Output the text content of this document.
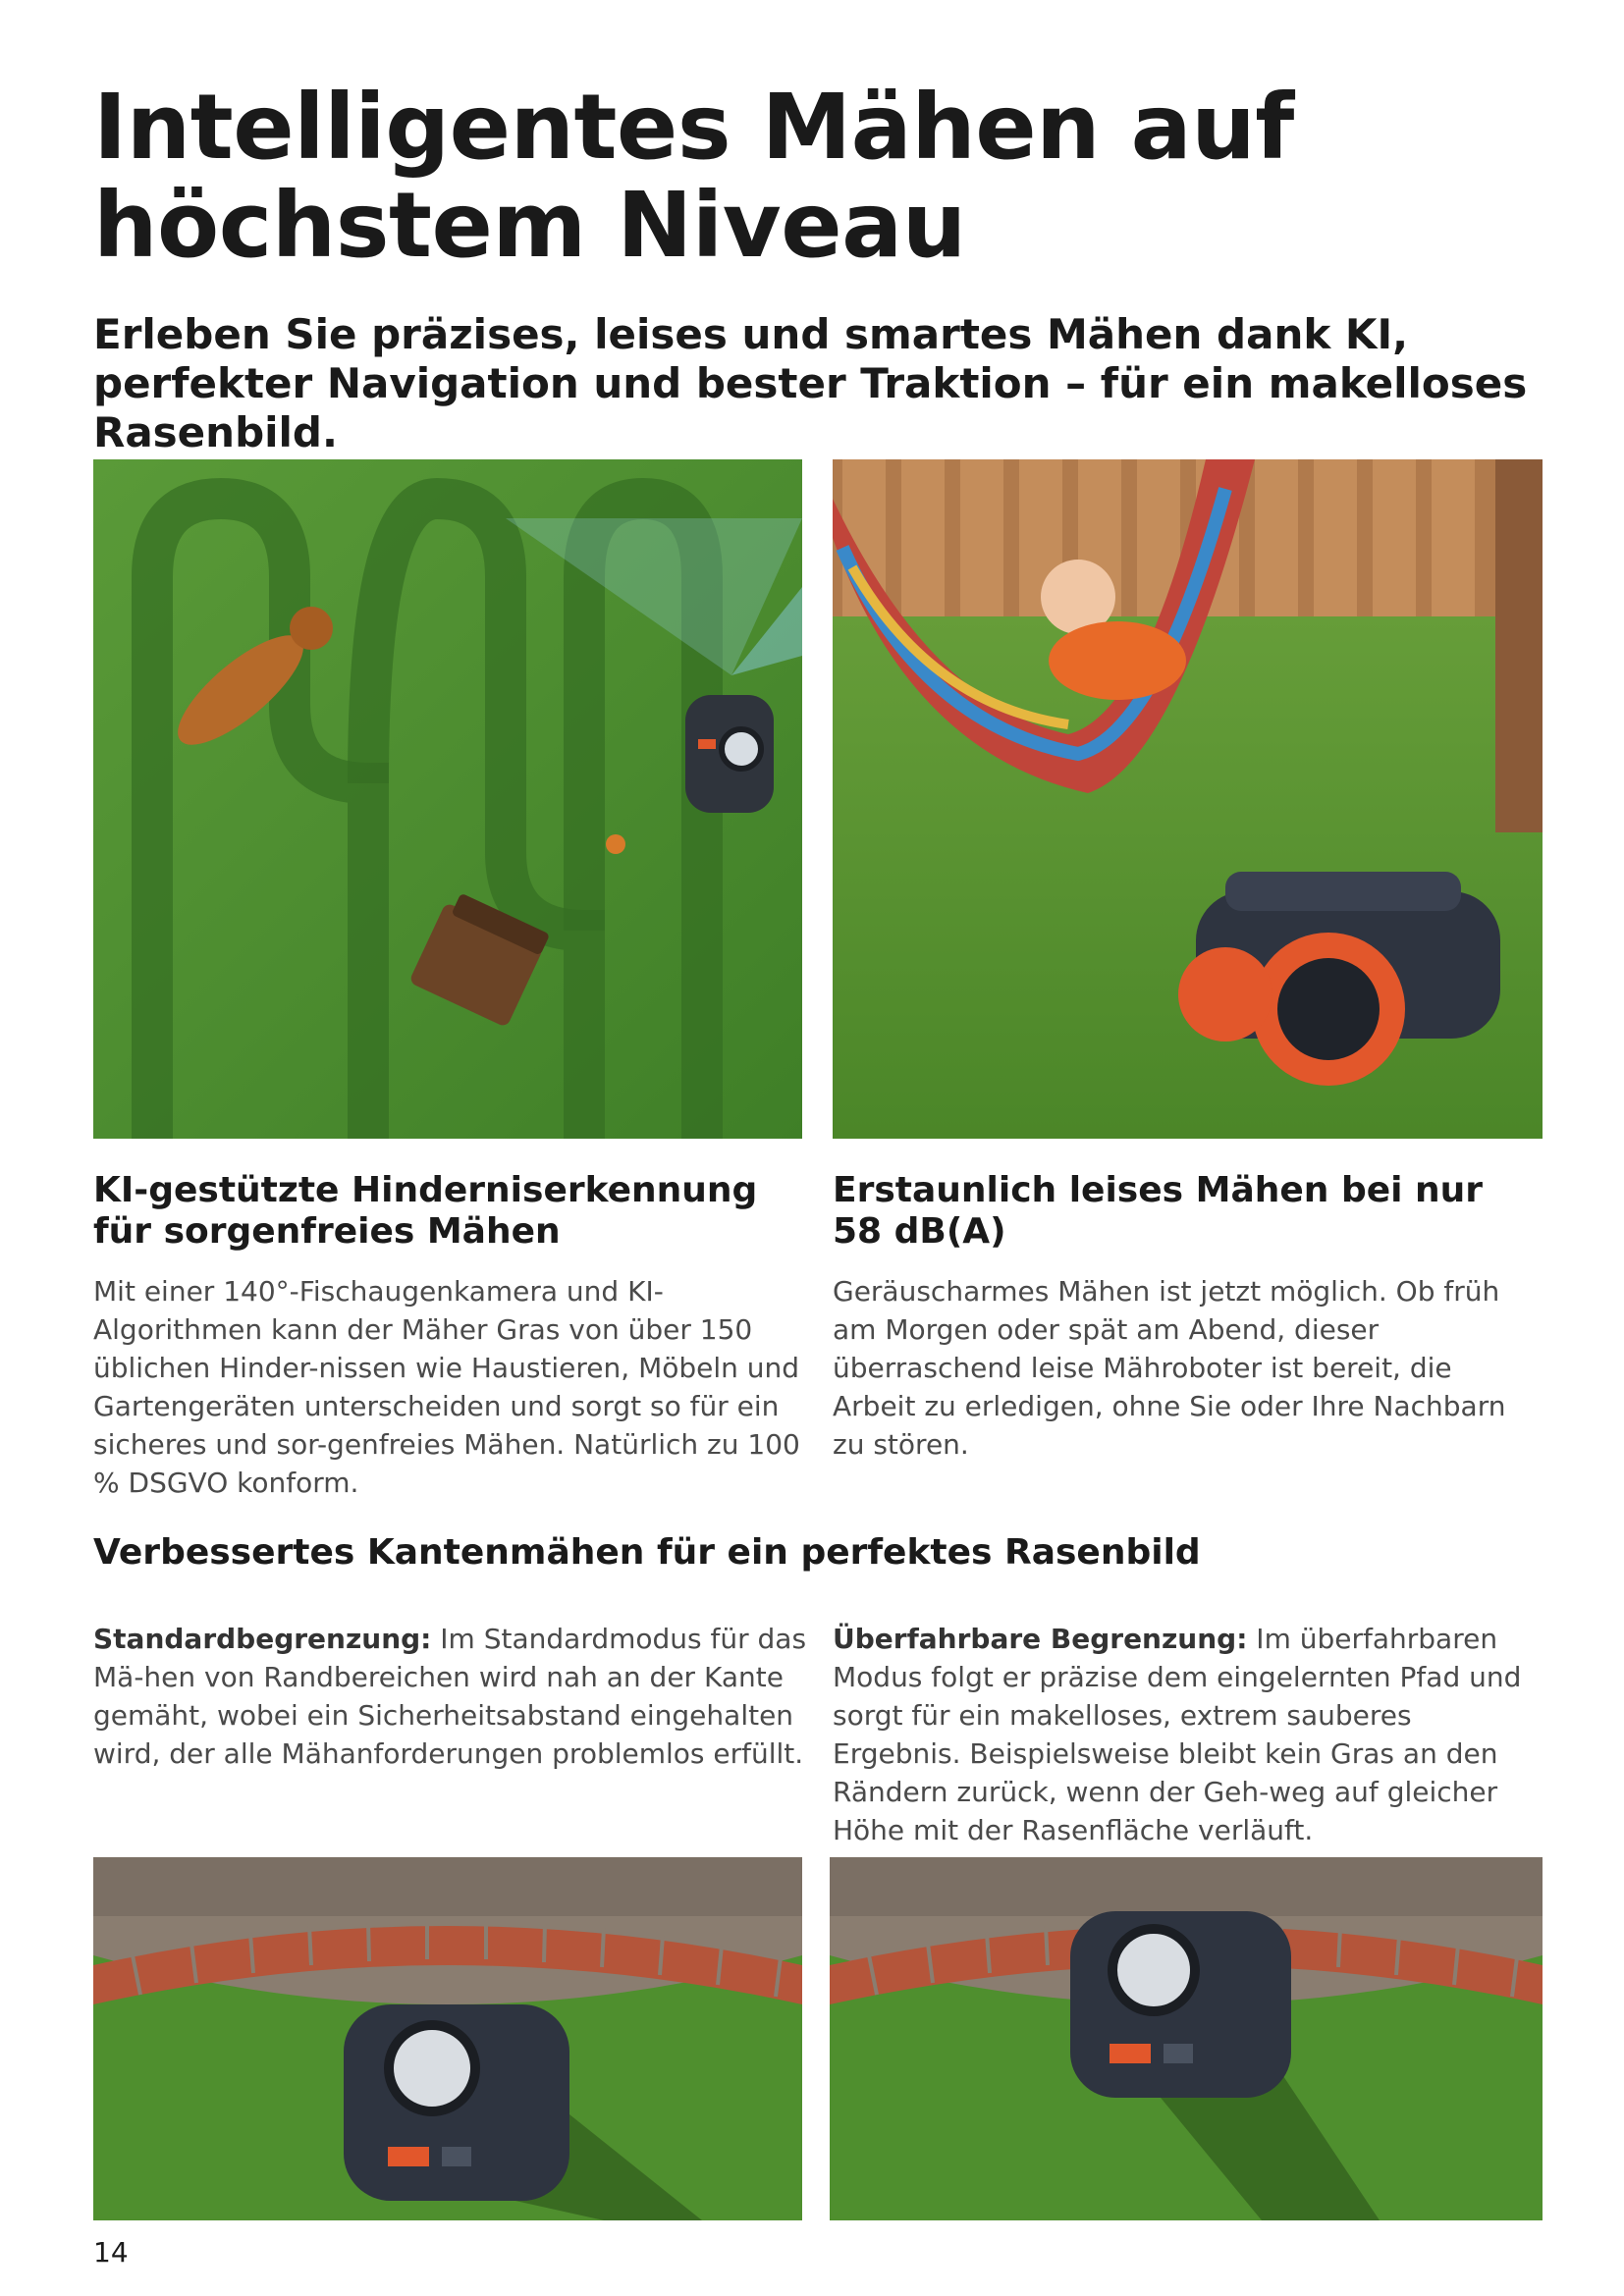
Intelligentes Mähen auf höchstem Niveau

Erleben Sie präzises, leises und smartes Mähen dank KI, perfekter Navigation und bester Traktion – für ein makelloses Rasenbild.

KI-gestützte Hinderniserkennung für sorgenfreies Mähen

Mit einer 140°-Fischaugenkamera und KI-Algorithmen kann der Mäher Gras von über 150 üblichen Hinder-nissen wie Haustieren, Möbeln und Gartengeräten unterscheiden und sorgt so für ein sicheres und sor-genfreies Mähen. Natürlich zu 100 % DSGVO konform.

Erstaunlich leises Mähen bei nur 58 dB(A)

Geräuscharmes Mähen ist jetzt möglich. Ob früh am Morgen oder spät am Abend, dieser überraschend leise Mähroboter ist bereit, die Arbeit zu erledigen, ohne Sie oder Ihre Nachbarn zu stören.

Verbessertes Kantenmähen für ein perfektes Rasenbild

Standardbegrenzung: Im Standardmodus für das Mä-hen von Randbereichen wird nah an der Kante gemäht, wobei ein Sicherheitsabstand eingehalten wird, der alle Mähanforderungen problemlos erfüllt.

Überfahrbare Begrenzung: Im überfahrbaren Modus folgt er präzise dem eingelernten Pfad und sorgt für ein makelloses, extrem sauberes Ergebnis. Beispielsweise bleibt kein Gras an den Rändern zurück, wenn der Geh-weg auf gleicher Höhe mit der Rasenfläche verläuft.

14
